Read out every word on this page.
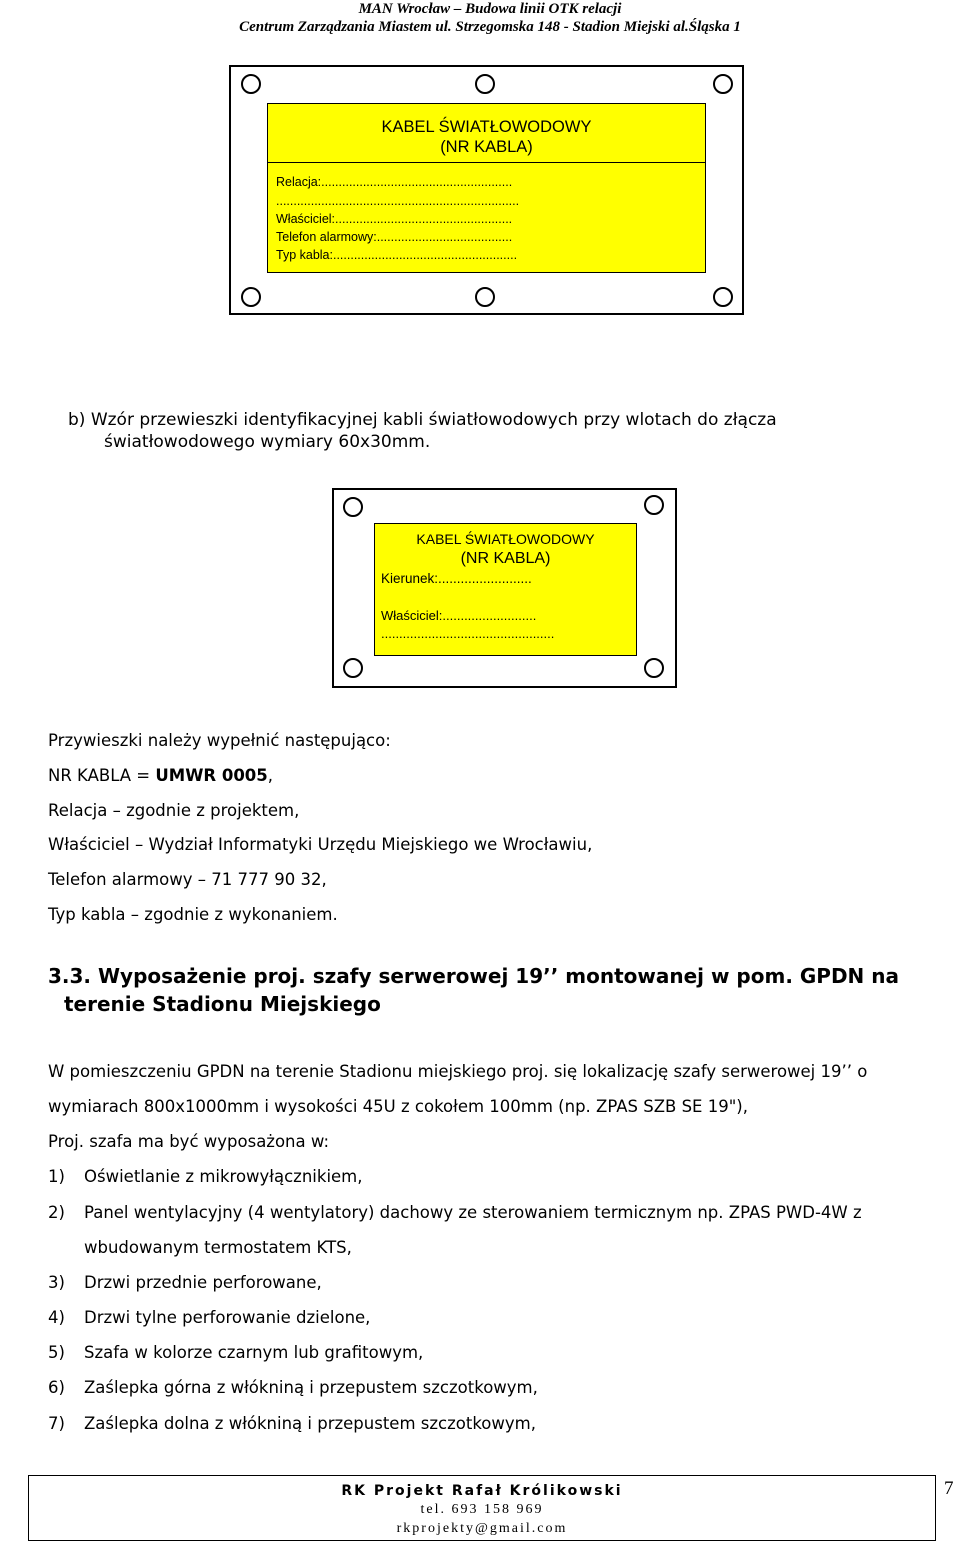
MAN Wrocław – Budowa linii OTK relacji
Centrum Zarządzania Miastem ul. Strzegomska 148 - Stadion Miejski al.Śląska 1
KABEL ŚWIATŁOWODOWY
(NR KABLA)
Relacja:.......................................................
......................................................................
Właściciel:...................................................
Telefon alarmowy:.......................................
Typ kabla:.....................................................
b) Wzór przewieszki identyfikacyjnej kabli światłowodowych przy wlotach do złącza
światłowodowego wymiary 60x30mm.
KABEL ŚWIATŁOWODOWY
(NR KABLA)
Kierunek:.........................
Właściciel:..........................
................................................
Przywieszki należy wypełnić następująco:
NR KABLA = UMWR 0005,
Relacja – zgodnie z projektem,
Właściciel – Wydział Informatyki Urzędu Miejskiego we Wrocławiu,
Telefon alarmowy – 71 777 90 32,
Typ kabla – zgodnie z wykonaniem.
3.3. Wyposażenie proj. szafy serwerowej 19’’ montowanej w pom. GPDN na
terenie Stadionu Miejskiego
W pomieszczeniu GPDN na terenie Stadionu miejskiego proj. się lokalizację szafy serwerowej 19’’ o
wymiarach 800x1000mm i wysokości 45U z cokołem 100mm (np. ZPAS SZB SE 19"),
Proj. szafa ma być wyposażona w:
1) Oświetlanie z mikrowyłącznikiem,
2) Panel wentylacyjny (4 wentylatory) dachowy ze sterowaniem termicznym np. ZPAS PWD-4W z
wbudowanym termostatem KTS,
3) Drzwi przednie perforowane,
4) Drzwi tylne perforowanie dzielone,
5) Szafa w kolorze czarnym lub grafitowym,
6) Zaślepka górna z włókniną i przepustem szczotkowym,
7) Zaślepka dolna z włókniną i przepustem szczotkowym,
RK Projekt Rafał Królikowski
tel. 693 158 969
rkprojekty@gmail.com
7
